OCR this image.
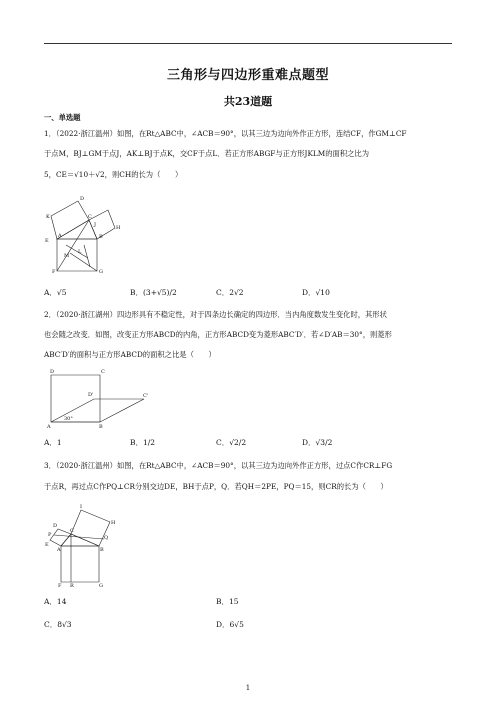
三角形与四边形重难点题型
共23道题
一、单选题
1．（2022·浙江温州）如图，在Rt△ABC中，∠ACB＝90°，以其三边为边向外作正方形，连结CF，作GM⊥CF
于点M，BJ⊥GM于点J，AK⊥BJ于点K，交CF于点L．若正方形ABGF与正方形JKLM的面积之比为
5，CE＝√10＋√2，则CH的长为（　　）
D
K	C
H
E
J
A	B
L
M
F	G
A．√5	B．(3+√5)/2	C．2√2	D．√10
2．（2020·浙江湖州）四边形具有不稳定性，对于四条边长确定的四边形．当内角度数发生变化时，其形状
也会随之改变．如图，改变正方形ABCD的内角，正方形ABCD变为菱形ABC′D′．若∠D′AB＝30°，则菱形
ABC′D′的面积与正方形ABCD的面积之比是（　　）
D	C
D'	C'
A	B
30°
A．1	B．1/2	C．√2/2	D．√3/2
3．（2020·浙江温州）如图，在Rt△ABC中，∠ACB＝90°，以其三边为边向外作正方形，过点C作CR⊥FG
于点R，再过点C作PQ⊥CR分别交边DE，BH于点P，Q．若QH＝2PE，PQ＝15，则CR的长为（　　）
I
H
D
P
C
Q
E
A	B
F R	G
A．14	B．15
C．8√3	D．6√5
1
